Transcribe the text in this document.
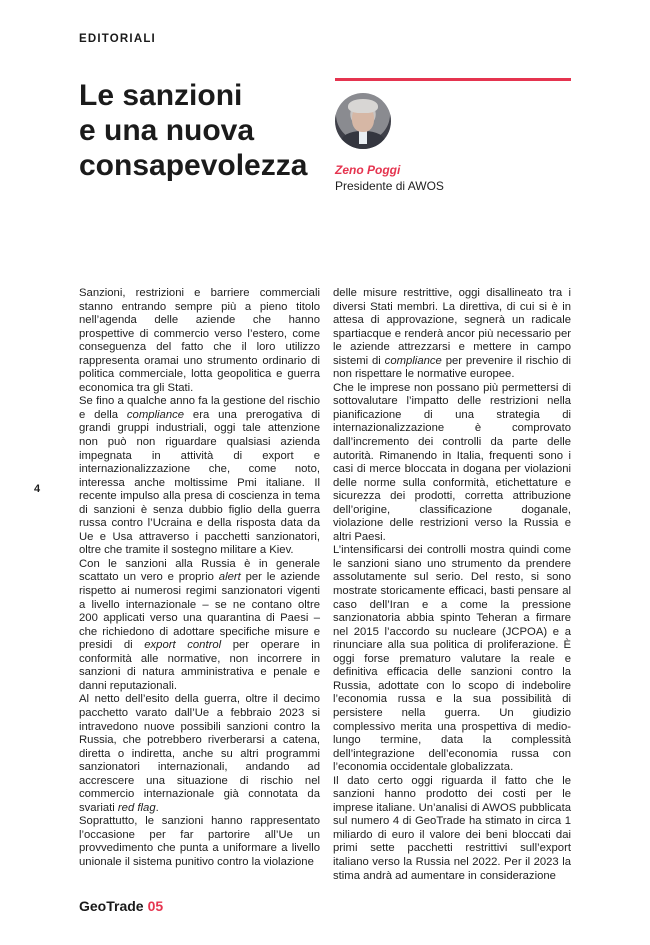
EDITORIALI
Le sanzioni
e una nuova
consapevolezza	Zeno Poggi
Presidente di AWOS
4

Sanzioni, restrizioni e barriere commerciali stanno entrando sempre più a pieno titolo nell’agenda delle aziende che hanno prospettive di commercio verso l’estero, come conseguenza del fatto che il loro utilizzo rappresenta oramai uno strumento ordinario di politica commerciale, lotta geopolitica e guerra economica tra gli Stati.

Se fino a qualche anno fa la gestione del rischio e della compliance era una prerogativa di grandi gruppi industriali, oggi tale attenzione non può non riguardare qualsiasi azienda impegnata in attività di export e internazionalizzazione che, come noto, interessa anche moltissime Pmi italiane. Il recente impulso alla presa di coscienza in tema di sanzioni è senza dubbio figlio della guerra russa contro l’Ucraina e della risposta data da Ue e Usa attraverso i pacchetti sanzionatori, oltre che tramite il sostegno militare a Kiev.

Con le sanzioni alla Russia è in generale scattato un vero e proprio alert per le aziende rispetto ai numerosi regimi sanzionatori vigenti a livello internazionale – se ne contano oltre 200 applicati verso una quarantina di Paesi – che richiedono di adottare specifiche misure e presidi di export control per operare in conformità alle normative, non incorrere in sanzioni di natura amministrativa e penale e danni reputazionali.

Al netto dell’esito della guerra, oltre il decimo pacchetto varato dall’Ue a febbraio 2023 si intravedono nuove possibili sanzioni contro la Russia, che potrebbero riverberarsi a catena, diretta o indiretta, anche su altri programmi sanzionatori internazionali, andando ad accrescere una situazione di rischio nel commercio internazionale già connotata da svariati red flag.

Soprattutto, le sanzioni hanno rappresentato l’occasione per far partorire all’Ue un provvedimento che punta a uniformare a livello unionale il sistema punitivo contro la violazione

delle misure restrittive, oggi disallineato tra i diversi Stati membri. La direttiva, di cui si è in attesa di approvazione, segnerà un radicale spartiacque e renderà ancor più necessario per le aziende attrezzarsi e mettere in campo sistemi di compliance per prevenire il rischio di non rispettare le normative europee.

Che le imprese non possano più permettersi di sottovalutare l’impatto delle restrizioni nella pianificazione di una strategia di internazionalizzazione è comprovato dall’incremento dei controlli da parte delle autorità. Rimanendo in Italia, frequenti sono i casi di merce bloccata in dogana per violazioni delle norme sulla conformità, etichettature e sicurezza dei prodotti, corretta attribuzione dell’origine, classificazione doganale, violazione delle restrizioni verso la Russia e altri Paesi.

L’intensificarsi dei controlli mostra quindi come le sanzioni siano uno strumento da prendere assolutamente sul serio. Del resto, si sono mostrate storicamente efficaci, basti pensare al caso dell’Iran e a come la pressione sanzionatoria abbia spinto Teheran a firmare nel 2015 l’accordo su nucleare (JCPOA) e a rinunciare alla sua politica di proliferazione. È oggi forse prematuro valutare la reale e definitiva efficacia delle sanzioni contro la Russia, adottate con lo scopo di indebolire l’economia russa e la sua possibilità di persistere nella guerra. Un giudizio complessivo merita una prospettiva di medio-lungo termine, data la complessità dell’integrazione dell’economia russa con l’economia occidentale globalizzata.

Il dato certo oggi riguarda il fatto che le sanzioni hanno prodotto dei costi per le imprese italiane. Un’analisi di AWOS pubblicata sul numero 4 di GeoTrade ha stimato in circa 1 miliardo di euro il valore dei beni bloccati dai primi sette pacchetti restrittivi sull’export italiano verso la Russia nel 2022. Per il 2023 la stima andrà ad aumentare in considerazione

GeoTrade 05
